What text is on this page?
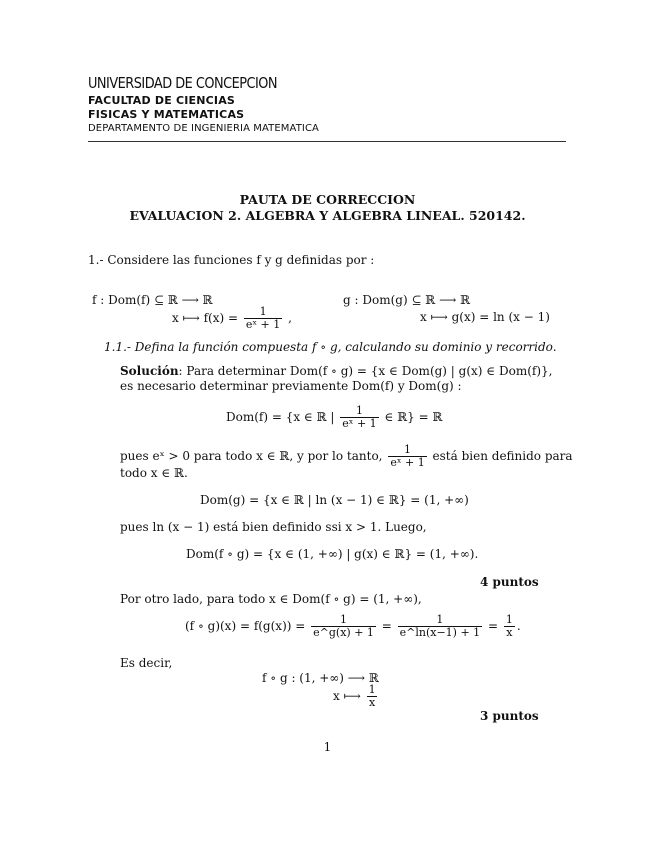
UNIVERSIDAD DE CONCEPCION
FACULTAD DE CIENCIAS
FISICAS Y MATEMATICAS
DEPARTAMENTO DE INGENIERIA MATEMATICA
PAUTA DE CORRECCION
EVALUACION 2. ALGEBRA Y ALGEBRA LINEAL. 520142.
1.- Considere las funciones f y g definidas por :
f : Dom(f) ⊆ ℝ ⟶ ℝ
x ⟼ $f(x) = \frac{1}{\text{eˣ + 1}}$ ,
g : Dom(g) ⊆ ℝ ⟶ ℝ
x ⟼ g(x) = ln (x − 1)
1.1.- Defina la función compuesta f ∘ g, calculando su dominio y recorrido.
Solución: Para determinar Dom(f ∘ g) = {x ∈ Dom(g) | g(x) ∈ Dom(f)},
es necesario determinar previamente Dom(f) y Dom(g) :
Dom(f) = {x ∈ ℝ | $\frac{1}{\text{eˣ + 1}}$ ∈ ℝ} = ℝ
pues eˣ > 0 para todo x ∈ ℝ, y por lo tanto, $\frac{1}{\text{eˣ + 1}}$ está bien definido para
todo x ∈ ℝ.
Dom(g) = {x ∈ ℝ | ln (x − 1) ∈ ℝ} = (1, +∞)
pues ln (x − 1) está bien definido ssi x > 1. Luego,
Dom(f ∘ g) = {x ∈ (1, +∞) | g(x) ∈ ℝ} = (1, +∞).
4 puntos
Por otro lado, para todo x ∈ Dom(f ∘ g) = (1, +∞),
(f ∘ $g)(x) = f(g(x)) = \frac{1}{e\^{}g(x) + 1} = \frac{1}{e\^{}\ln(x-1) + 1} = \frac{1}{x}$ .
Es decir,
f ∘ g : (1, +∞) ⟶ ℝ
x ⟼ $\frac{1}{x}$
3 puntos
1
